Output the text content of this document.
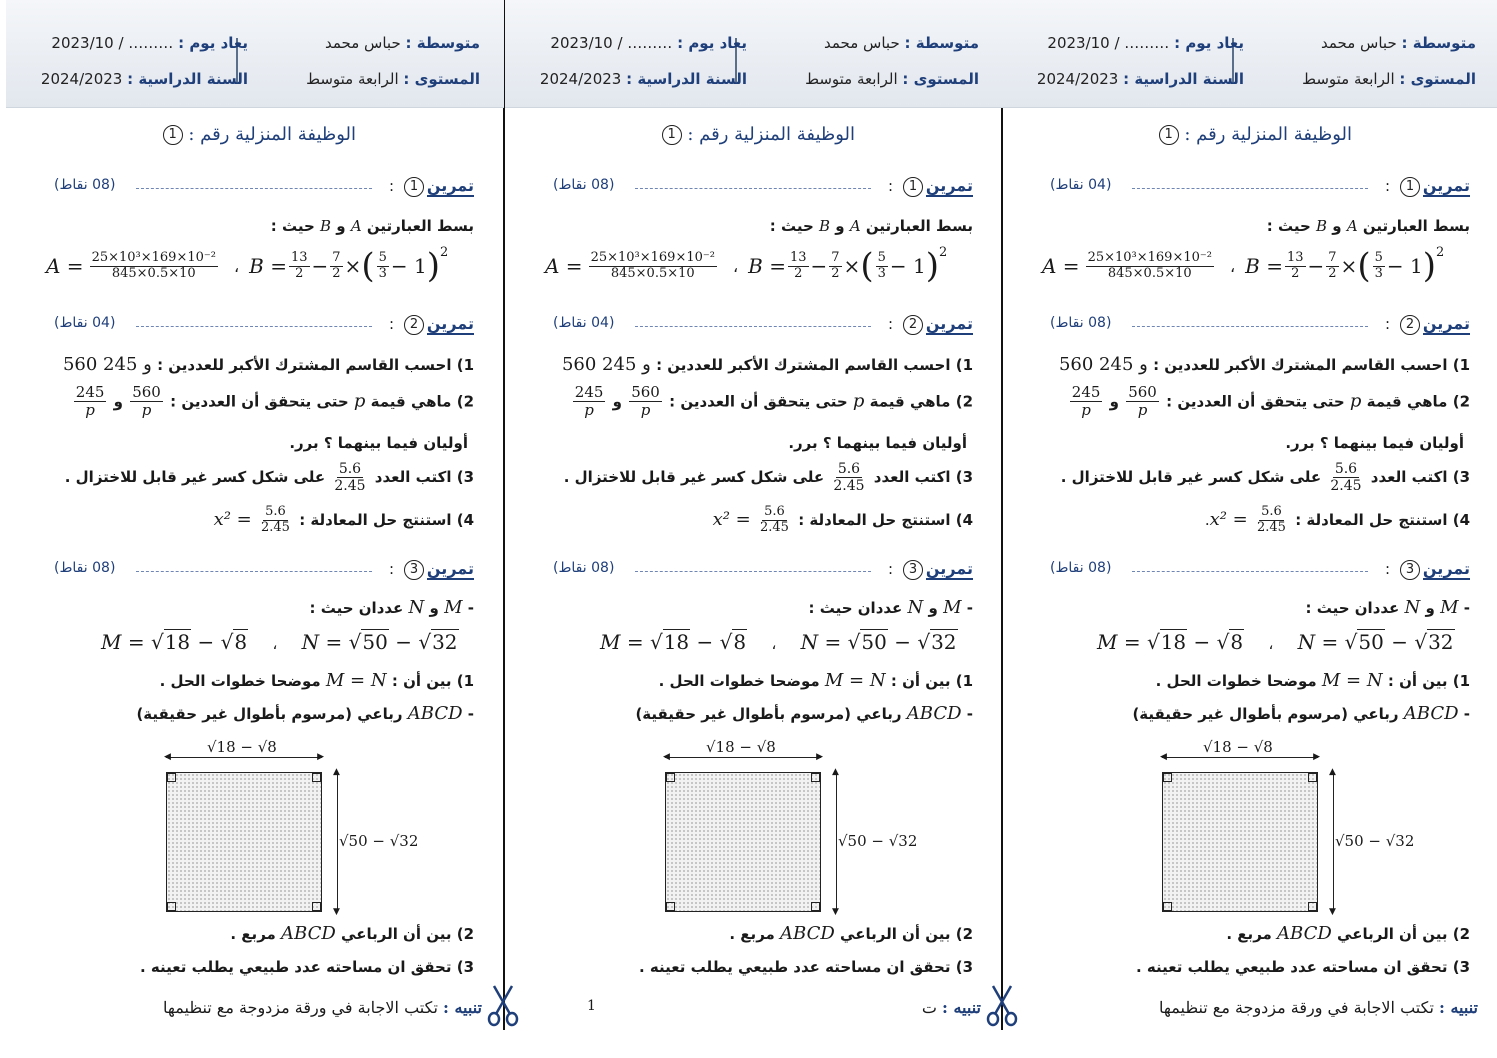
متوسطة : حباس محمد
المستوى : الرابعة متوسط
يعاد يوم : 2023/10 / ………
السنة الدراسية : 2024/2023
الوظيفة المنزلية رقم : 1
تمرين
1
:
(04 نقاط)
بسط العبارتين A و B حيث :
$A = \frac{\text{25×10³×169×10⁻²}}{845\times 0.5\times 10}$ ، $B = \frac{13}{2} - \frac{7}{2}$ × ( $\frac{5}{3} - 1$ )$^2$
تمرين
2
:
(08 نقاط)
1) احسب القاسم المشترك الأكبر للعددين : 560 و 245
2) ماهي قيمة p حتى يتحقق أن العددين :
$\frac{560}{p}$
و
$\frac{245}{p}$
أوليان فيما بينهما ؟ برر.
3) اكتب العدد
$\frac{5.6}{2.45}$
على شكل كسر غير قابل للاختزال .
4) استنتج حل المعادلة :
$\frac{5.6}{2.45}$
x² =.
تمرين
3
:
(08 نقاط)
- M و N عددان حيث :
M = √18 − √8 ، N = √50 − √32
1) بين أن : M = N موضحا خطوات الحل .
- ABCD رباعي (مرسوم بأطوال غير حقيقية)
◀	▶
√18 − √8
▲
▼
√50 − √32
2) بين أن الرباعي ABCD مربع .
3) تحقق ان مساحته عدد طبيعي يطلب تعينه .
تنبيه : تكتب الاجابة في ورقة مزدوجة مع تنظيمها
متوسطة : حباس محمد
المستوى : الرابعة متوسط
يعاد يوم : 2023/10 / ………
السنة الدراسية : 2024/2023
الوظيفة المنزلية رقم : 1
تمرين
1
:
(08 نقاط)
بسط العبارتين A و B حيث :
$A = \frac{\text{25×10³×169×10⁻²}}{845\times 0.5\times 10}$ ، $B = \frac{13}{2} - \frac{7}{2}$ × ( $\frac{5}{3} - 1$ )$^2$
تمرين
2
:
(04 نقاط)
1) احسب القاسم المشترك الأكبر للعددين : 560 و 245
2) ماهي قيمة p حتى يتحقق أن العددين :
$\frac{560}{p}$
و
$\frac{245}{p}$
أوليان فيما بينهما ؟ برر.
3) اكتب العدد
$\frac{5.6}{2.45}$
على شكل كسر غير قابل للاختزال .
4) استنتج حل المعادلة :
$\frac{5.6}{2.45}$
x² =
تمرين
3
:
(08 نقاط)
- M و N عددان حيث :
M = √18 − √8 ، N = √50 − √32
1) بين أن : M = N موضحا خطوات الحل .
- ABCD رباعي (مرسوم بأطوال غير حقيقية)
◀	▶
√18 − √8
▲
▼
√50 − √32
2) بين أن الرباعي ABCD مربع .
3) تحقق ان مساحته عدد طبيعي يطلب تعينه .
تنبيه : ت
متوسطة : حباس محمد
المستوى : الرابعة متوسط
يعاد يوم : 2023/10 / ………
السنة الدراسية : 2024/2023
الوظيفة المنزلية رقم : 1
تمرين
1
:
(08 نقاط)
بسط العبارتين A و B حيث :
$A = \frac{\text{25×10³×169×10⁻²}}{845\times 0.5\times 10}$ ، $B = \frac{13}{2} - \frac{7}{2}$ × ( $\frac{5}{3} - 1$ )$^2$
تمرين
2
:
(04 نقاط)
1) احسب القاسم المشترك الأكبر للعددين : 560 و 245
2) ماهي قيمة p حتى يتحقق أن العددين :
$\frac{560}{p}$
و
$\frac{245}{p}$
أوليان فيما بينهما ؟ برر.
3) اكتب العدد
$\frac{5.6}{2.45}$
على شكل كسر غير قابل للاختزال .
4) استنتج حل المعادلة :
$\frac{5.6}{2.45}$
x² =
تمرين
3
:
(08 نقاط)
- M و N عددان حيث :
M = √18 − √8 ، N = √50 − √32
1) بين أن : M = N موضحا خطوات الحل .
- ABCD رباعي (مرسوم بأطوال غير حقيقية)
◀	▶
√18 − √8
▲
▼
√50 − √32
2) بين أن الرباعي ABCD مربع .
3) تحقق ان مساحته عدد طبيعي يطلب تعينه .
تنبيه : تكتب الاجابة في ورقة مزدوجة مع تنظيمها	1
